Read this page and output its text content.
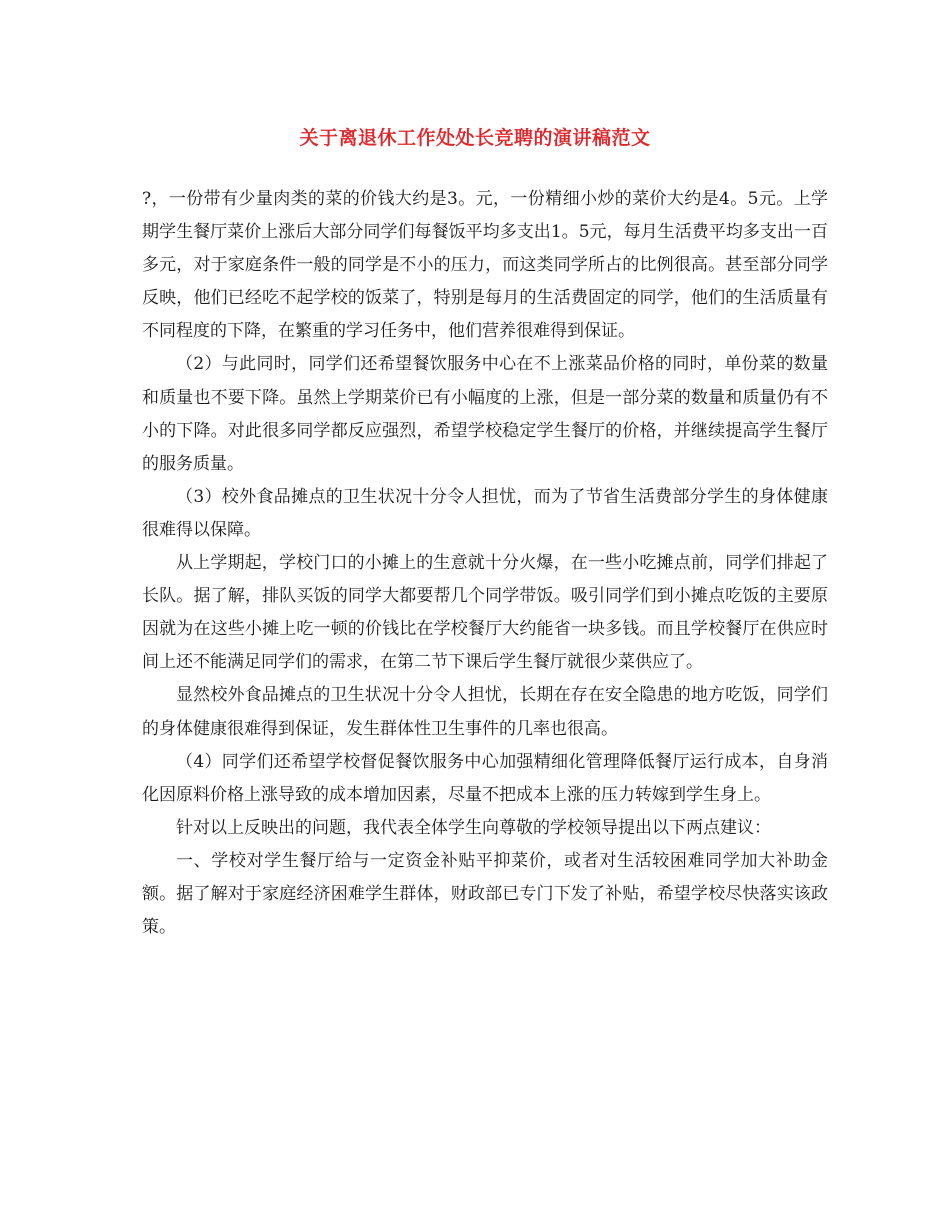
关于离退休工作处处长竞聘的演讲稿范文

?，一份带有少量肉类的菜的价钱大约是3。元，一份精细小炒的菜价大约是4。5元。上学期学生餐厅菜价上涨后大部分同学们每餐饭平均多支出1。5元，每月生活费平均多支出一百多元，对于家庭条件一般的同学是不小的压力，而这类同学所占的比例很高。甚至部分同学反映，他们已经吃不起学校的饭菜了，特别是每月的生活费固定的同学，他们的生活质量有不同程度的下降，在繁重的学习任务中，他们营养很难得到保证。

（2）与此同时，同学们还希望餐饮服务中心在不上涨菜品价格的同时，单份菜的数量和质量也不要下降。虽然上学期菜价已有小幅度的上涨，但是一部分菜的数量和质量仍有不小的下降。对此很多同学都反应强烈，希望学校稳定学生餐厅的价格，并继续提高学生餐厅的服务质量。

（3）校外食品摊点的卫生状况十分令人担忧，而为了节省生活费部分学生的身体健康很难得以保障。

从上学期起，学校门口的小摊上的生意就十分火爆，在一些小吃摊点前，同学们排起了长队。据了解，排队买饭的同学大都要帮几个同学带饭。吸引同学们到小摊点吃饭的主要原因就为在这些小摊上吃一顿的价钱比在学校餐厅大约能省一块多钱。而且学校餐厅在供应时间上还不能满足同学们的需求，在第二节下课后学生餐厅就很少菜供应了。

显然校外食品摊点的卫生状况十分令人担忧，长期在存在安全隐患的地方吃饭，同学们的身体健康很难得到保证，发生群体性卫生事件的几率也很高。

（4）同学们还希望学校督促餐饮服务中心加强精细化管理降低餐厅运行成本，自身消化因原料价格上涨导致的成本增加因素，尽量不把成本上涨的压力转嫁到学生身上。

针对以上反映出的问题，我代表全体学生向尊敬的学校领导提出以下两点建议：

一、学校对学生餐厅给与一定资金补贴平抑菜价，或者对生活较困难同学加大补助金额。据了解对于家庭经济困难学生群体，财政部已专门下发了补贴，希望学校尽快落实该政策。
